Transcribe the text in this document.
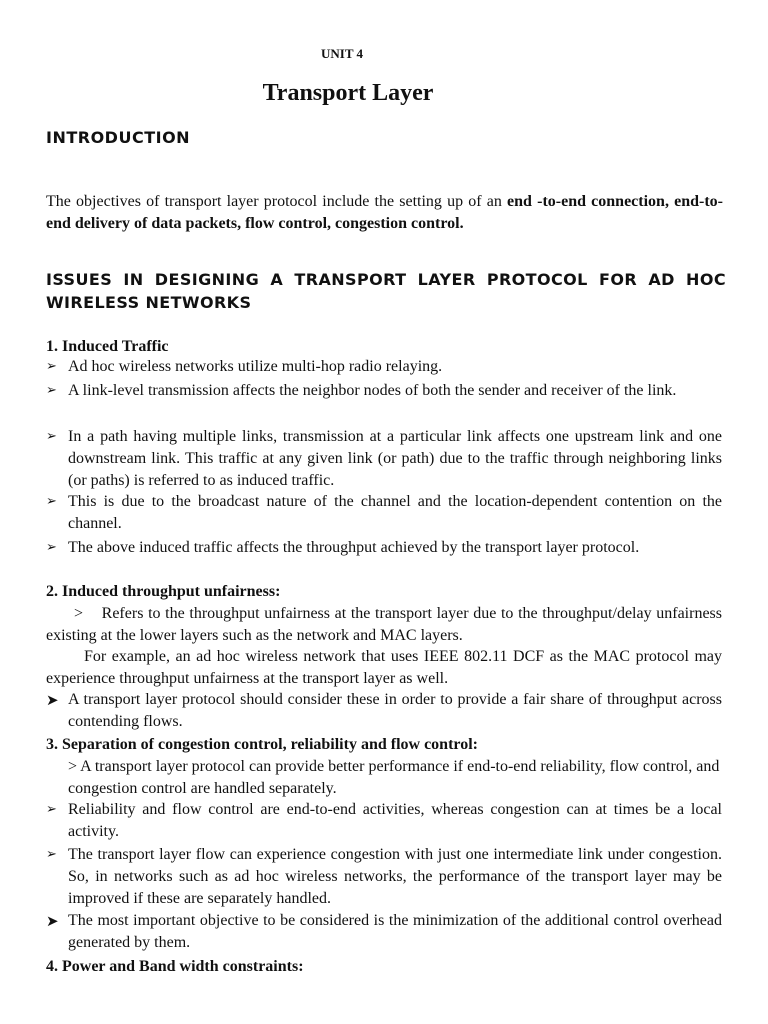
UNIT 4
Transport Layer
INTRODUCTION
The objectives of transport layer protocol include the setting up of an end -to-end connection, end-to-end delivery of data packets, flow control, congestion control.
ISSUES IN DESIGNING A TRANSPORT LAYER PROTOCOL FOR AD HOC WIRELESS NETWORKS
1. Induced Traffic
➢ Ad hoc wireless networks utilize multi-hop radio relaying.
➢ A link-level transmission affects the neighbor nodes of both the sender and receiver of the link.
➢ In a path having multiple links, transmission at a particular link affects one upstream link and one downstream link. This traffic at any given link (or path) due to the traffic through neighboring links (or paths) is referred to as induced traffic.
➢ This is due to the broadcast nature of the channel and the location-dependent contention on the channel.
➢ The above induced traffic affects the throughput achieved by the transport layer protocol.
2. Induced throughput unfairness:
> Refers to the throughput unfairness at the transport layer due to the throughput/delay unfairness existing at the lower layers such as the network and MAC layers.
For example, an ad hoc wireless network that uses IEEE 802.11 DCF as the MAC protocol may experience throughput unfairness at the transport layer as well.
➤ A transport layer protocol should consider these in order to provide a fair share of throughput across contending flows.
3. Separation of congestion control, reliability and flow control:
> A transport layer protocol can provide better performance if end-to-end reliability, flow control, and congestion control are handled separately.
➢ Reliability and flow control are end-to-end activities, whereas congestion can at times be a local activity.
➢ The transport layer flow can experience congestion with just one intermediate link under congestion. So, in networks such as ad hoc wireless networks, the performance of the transport layer may be improved if these are separately handled.
➤ The most important objective to be considered is the minimization of the additional control overhead generated by them.
4. Power and Band width constraints:
